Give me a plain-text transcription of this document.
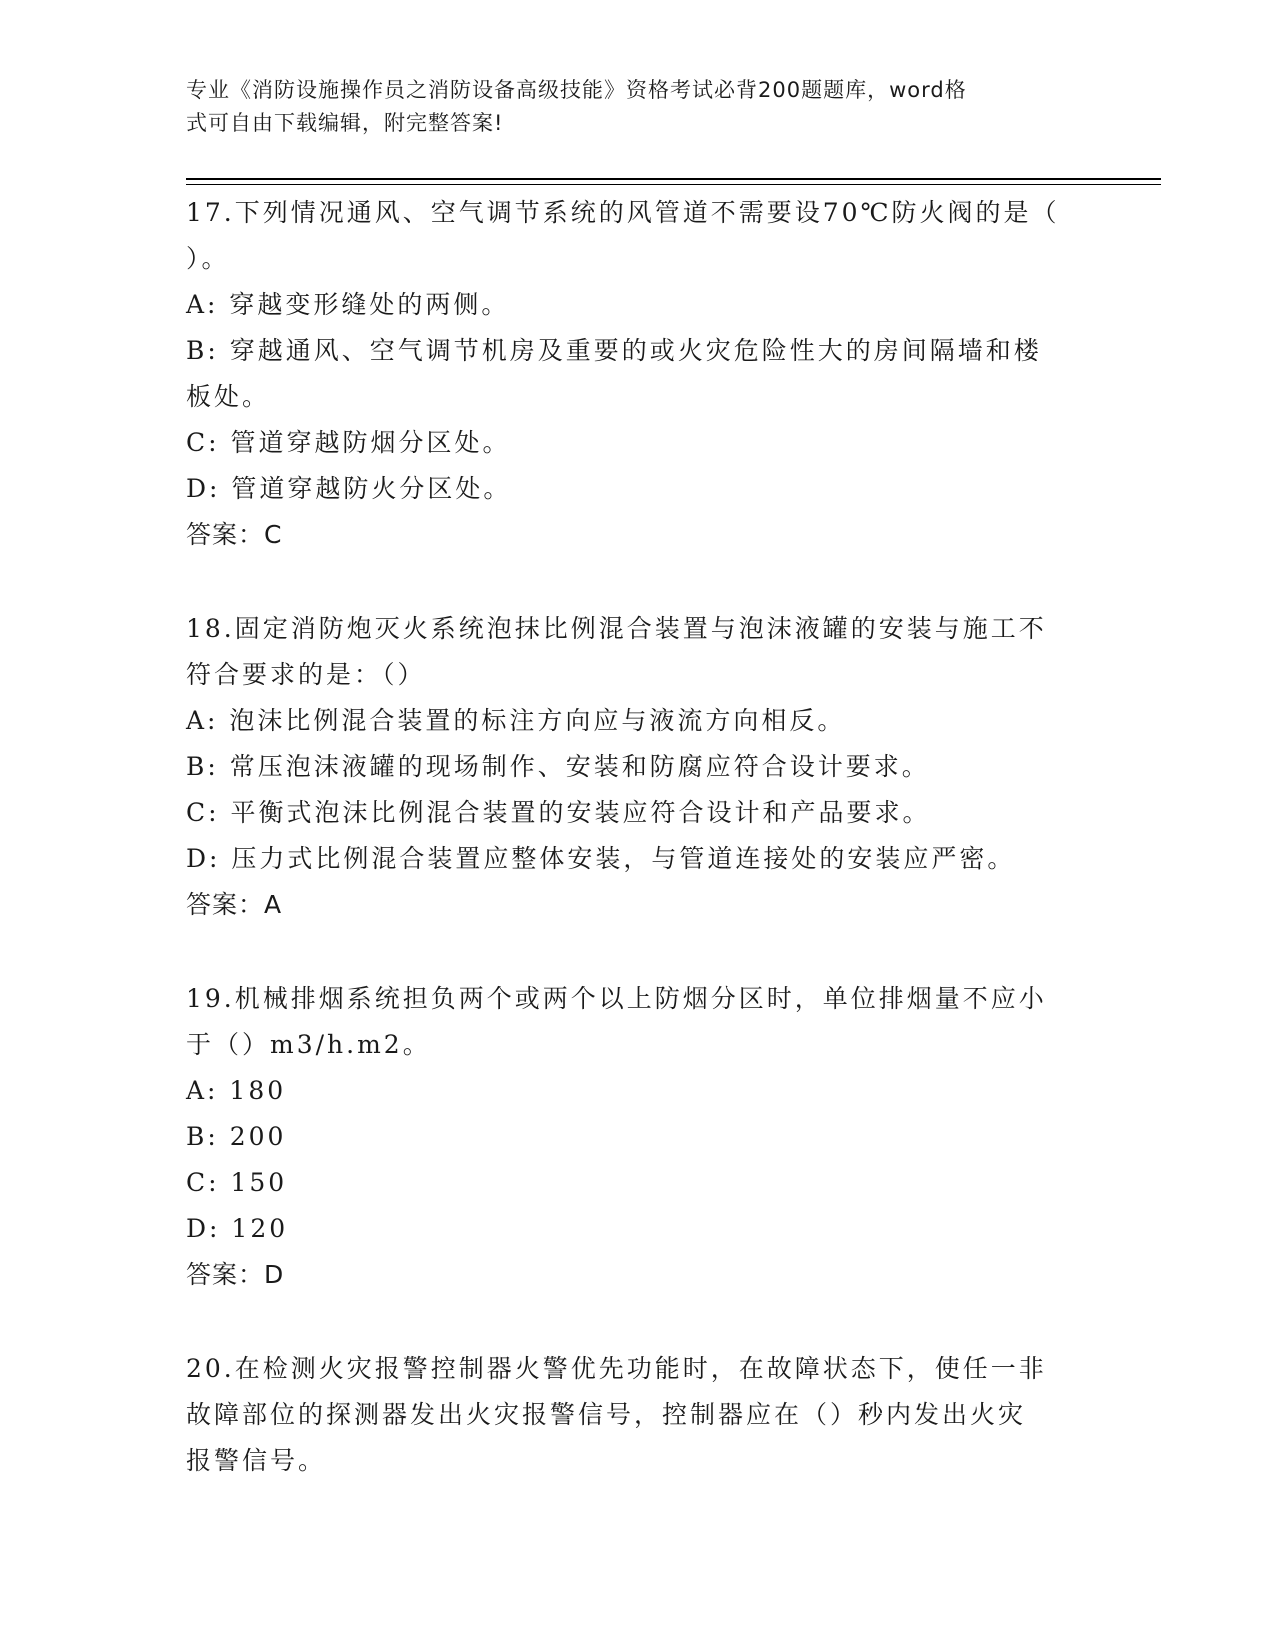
专业《消防设施操作员之消防设备高级技能》资格考试必背200题题库，word格
式可自由下载编辑，附完整答案!
17.下列情况通风、空气调节系统的风管道不需要设70℃防火阀的是（
）。
A: 穿越变形缝处的两侧。
B: 穿越通风、空气调节机房及重要的或火灾危险性大的房间隔墙和楼
板处。
C: 管道穿越防烟分区处。
D: 管道穿越防火分区处。
答案：C
18.固定消防炮灭火系统泡抹比例混合装置与泡沫液罐的安装与施工不
符合要求的是：（）
A: 泡沫比例混合装置的标注方向应与液流方向相反。
B: 常压泡沫液罐的现场制作、安装和防腐应符合设计要求。
C: 平衡式泡沫比例混合装置的安装应符合设计和产品要求。
D: 压力式比例混合装置应整体安装，与管道连接处的安装应严密。
答案：A
19.机械排烟系统担负两个或两个以上防烟分区时，单位排烟量不应小
于（）m3/h.m2。
A: 180
B: 200
C: 150
D: 120
答案：D
20.在检测火灾报警控制器火警优先功能时，在故障状态下，使任一非
故障部位的探测器发出火灾报警信号，控制器应在（）秒内发出火灾
报警信号。
